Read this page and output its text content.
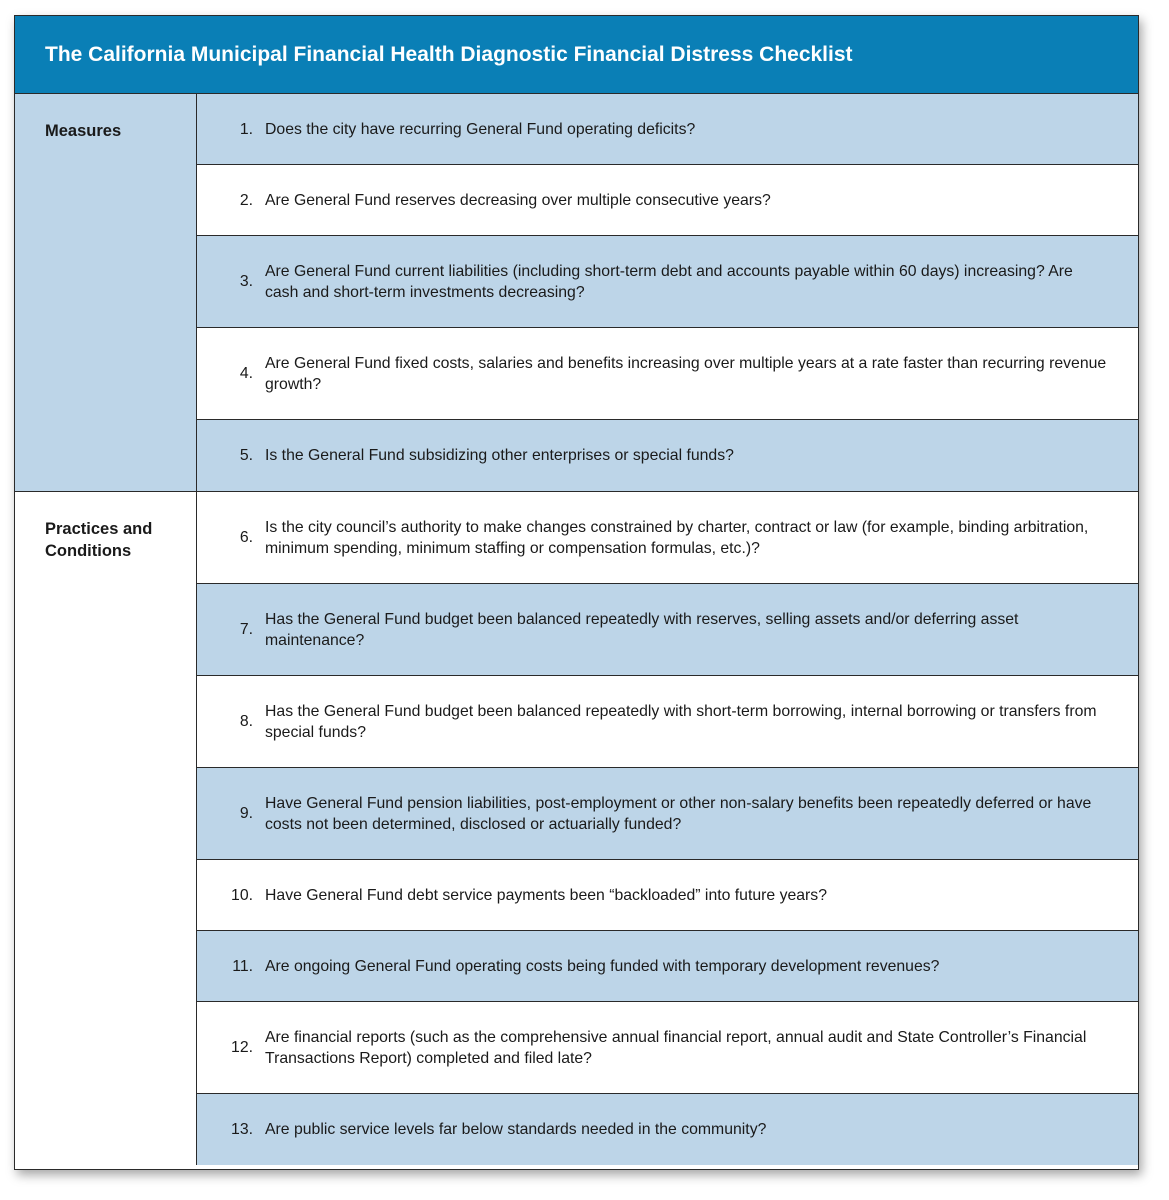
The California Municipal Financial Health Diagnostic Financial Distress Checklist
Measures	1. Does the city have recurring General Fund operating deficits?
2. Are General Fund reserves decreasing over multiple consecutive years?
3.
Are General Fund current liabilities (including short-term debt and accounts payable within 60 days) increasing? Are cash and short-term investments decreasing?
4.
Are General Fund fixed costs, salaries and benefits increasing over multiple years at a rate faster than recurring revenue growth?
5. Is the General Fund subsidizing other enterprises or special funds?
Practices and
Conditions
6.
Is the city council’s authority to make changes constrained by charter, contract or law (for example, binding arbitration, minimum spending, minimum staffing or compensation formulas, etc.)?
7.
Has the General Fund budget been balanced repeatedly with reserves, selling assets and/or deferring asset maintenance?
8.
Has the General Fund budget been balanced repeatedly with short-term borrowing, internal borrowing or transfers from special funds?
9.
Have General Fund pension liabilities, post-employment or other non-salary benefits been repeatedly deferred or have costs not been determined, disclosed or actuarially funded?
10. Have General Fund debt service payments been “backloaded” into future years?
11. Are ongoing General Fund operating costs being funded with temporary development revenues?
12.
Are financial reports (such as the comprehensive annual financial report, annual audit and State Controller’s Financial Transactions Report) completed and filed late?
13. Are public service levels far below standards needed in the community?
